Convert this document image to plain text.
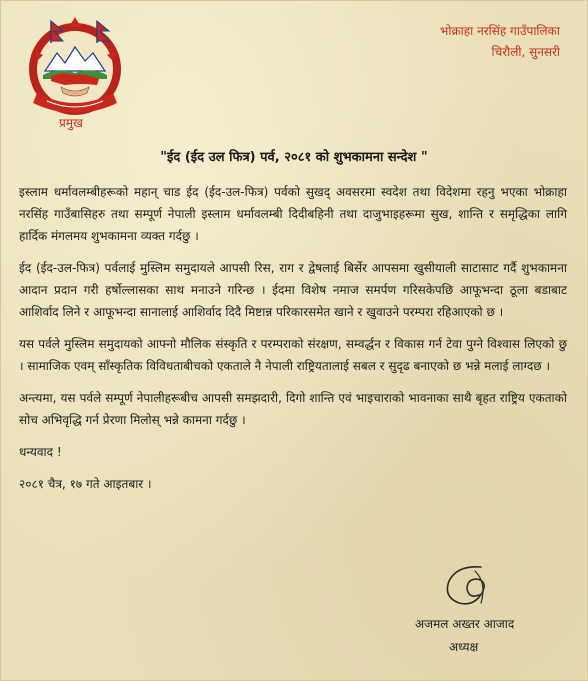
प्रमुख
भोक्राहा नरसिंह गाउँपालिका
चिरौली, सुनसरी
"ईद (ईद उल फित्र) पर्व, २०८१ को शुभकामना सन्देश "

इस्लाम धर्मावलम्बीहरूको महान् चाड ईद (ईद-उल-फित्र) पर्वको सुखद् अवसरमा स्वदेश तथा विदेशमा रहनु भएका भोक्राहा नरसिंह गाउँबासिहरु तथा सम्पूर्ण नेपाली इस्लाम धर्मावलम्बी दिदीबहिनी तथा दाजुभाइहरूमा सुख, शान्ति र समृद्धिका लागि हार्दिक मंगलमय शुभकामना व्यक्त गर्दछु ।

ईद (ईद-उल-फित्र) पर्वलाई मुस्लिम समुदायले आपसी रिस, राग र द्वेषलाई बिर्सेर आपसमा खुसीयाली साटासाट गर्दै शुभकामना आदान प्रदान गरी हर्षोल्लासका साथ मनाउने गरिन्छ । ईदमा विशेष नमाज समर्पण गरिसकेपछि आफूभन्दा ठूला बडाबाट आशिर्वाद लिने र आफूभन्दा सानालाई आशिर्वाद दिदै मिष्टान्न परिकारसमेत खाने र खुवाउने परम्परा रहिआएको छ ।

यस पर्वले मुस्लिम समुदायको आफ्नो मौलिक संस्कृति र परम्पराको संरक्षण, सम्वर्द्धन र विकास गर्न टेवा पुग्ने विश्वास लिएको छु । सामाजिक एवम् साँस्कृतिक विविधताबीचको एकताले नै नेपाली राष्ट्रियतालाई सबल र सुदृढ बनाएको छ भन्ने मलाई लाग्दछ ।

अन्त्यमा, यस पर्वले सम्पूर्ण नेपालीहरूबीच आपसी समझदारी, दिगो शान्ति एवं भाइचाराको भावनाका साथै बृहत राष्ट्रिय एकताको सोच अभिवृद्धि गर्न प्रेरणा मिलोस् भन्ने कामना गर्दछु ।

धन्यवाद !

२०८१ चैत्र, १७ गते आइतबार ।

अजमल अख्तर आजाद
अध्यक्ष
